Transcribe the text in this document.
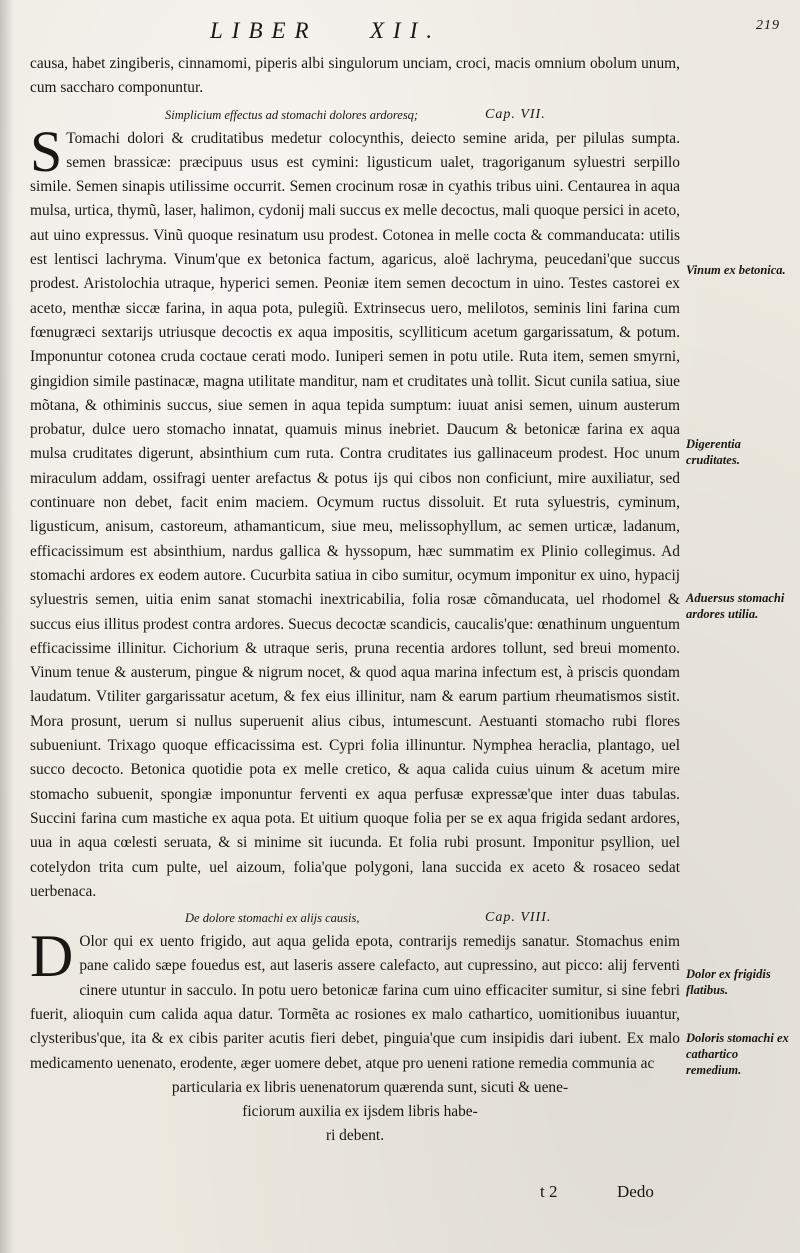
LIBER XII.	219

causa, habet zingiberis, cinnamomi, piperis albi singulorum unciam, croci, macis omnium obolum unum, cum saccharo componuntur.

Simplicium effectus ad stomachi dolores ardoresq;	Cap. VII.

S Tomachi dolori & cruditatibus medetur colocynthis, deiecto semine arida, per pilulas sumpta. semen brassicæ: præcipuus usus est cymini: ligusticum ualet, tragoriganum syluestri serpillo simile. Semen sinapis utilissime occurrit. Semen crocinum rosæ in cyathis tribus uini. Centaurea in aqua mulsa, urtica, thymũ, laser, halimon, cydonij mali succus ex melle decoctus, mali quoque persici in aceto, aut uino expressus. Vinũ quoque resinatum usu prodest. Cotonea in melle cocta & commanducata: utilis est lentisci lachryma. Vinum'que ex betonica factum, agaricus, aloë lachryma, peucedani'que succus prodest. Aristolochia utraque, hyperici semen. Peoniæ item semen decoctum in uino. Testes castorei ex aceto, menthæ siccæ farina, in aqua pota, pulegiũ. Extrinsecus uero, melilotos, seminis lini farina cum fœnugræci sextarijs utriusque decoctis ex aqua impositis, scylliticum acetum gargarissatum, & potum. Imponuntur cotonea cruda coctaue cerati modo. Iuniperi semen in potu utile. Ruta item, semen smyrni, gingidion simile pastinacæ, magna utilitate manditur, nam et cruditates unà tollit. Sicut cunila satiua, siue mõtana, & othiminis succus, siue semen in aqua tepida sumptum: iuuat anisi semen, uinum austerum probatur, dulce uero stomacho innatat, quamuis minus inebriet. Daucum & betonicæ farina ex aqua mulsa cruditates digerunt, absinthium cum ruta. Contra cruditates ius gallinaceum prodest. Hoc unum miraculum addam, ossifragi uenter arefactus & potus ijs qui cibos non conficiunt, mire auxiliatur, sed continuare non debet, facit enim maciem. Ocymum ructus dissoluit. Et ruta syluestris, cyminum, ligusticum, anisum, castoreum, athamanticum, siue meu, melissophyllum, ac semen urticæ, ladanum, efficacissimum est absinthium, nardus gallica & hyssopum, hæc summatim ex Plinio collegimus. Ad stomachi ardores ex eodem autore. Cucurbita satiua in cibo sumitur, ocymum imponitur ex uino, hypacij syluestris semen, uitia enim sanat stomachi inextricabilia, folia rosæ cõmanducata, uel rhodomel & succus eius illitus prodest contra ardores. Suecus decoctæ scandicis, caucalis'que: œnathinum unguentum efficacissime illinitur. Cichorium & utraque seris, pruna recentia ardores tollunt, sed breui momento. Vinum tenue & austerum, pingue & nigrum nocet, & quod aqua marina infectum est, à priscis quondam laudatum. Vtiliter gargarissatur acetum, & fex eius illinitur, nam & earum partium rheumatismos sistit. Mora prosunt, uerum si nullus superuenit alius cibus, intumescunt. Aestuanti stomacho rubi flores subueniunt. Trixago quoque efficacissima est. Cypri folia illinuntur. Nymphea heraclia, plantago, uel succo decocto. Betonica quotidie pota ex melle cretico, & aqua calida cuius uinum & acetum mire stomacho subuenit, spongiæ imponuntur ferventi ex aqua perfusæ expressæ'que inter duas tabulas. Succini farina cum mastiche ex aqua pota. Et uitium quoque folia per se ex aqua frigida sedant ardores, uua in aqua cœlesti seruata, & si minime sit iucunda. Et folia rubi prosunt. Imponitur psyllion, uel cotelydon trita cum pulte, uel aizoum, folia'que polygoni, lana succida ex aceto & rosaceo sedat uerbenaca.

De dolore stomachi ex alijs causis,	Cap. VIII.

D Olor qui ex uento frigido, aut aqua gelida epota, contrarijs remedijs sanatur. Stomachus enim pane calido sæpe fouedus est, aut laseris assere calefacto, aut cupressino, aut picco: alij ferventi cinere utuntur in sacculo. In potu uero betonicæ farina cum uino efficaciter sumitur, si sine febri fuerit, alioquin cum calida aqua datur. Tormẽta ac rosiones ex malo cathartico, uomitionibus iuuantur, clysteribus'que, ita & ex cibis pariter acutis fieri debet, pinguia'que cum insipidis dari iubent. Ex malo medicamento uenenato, erodente, æger uomere debet, atque pro ueneni ratione remedia communia ac

particularia ex libris uenenatorum quærenda sunt, sicuti & uene-
ficiorum auxilia ex ijsdem libris habe-
ri debent.

Vinum ex betonica.
Digerentia cruditates.
Aduersus stomachi ardores utilia.
Dolor ex frigidis flatibus.
Doloris stomachi ex cathartico remedium.
t 2	Dedo
